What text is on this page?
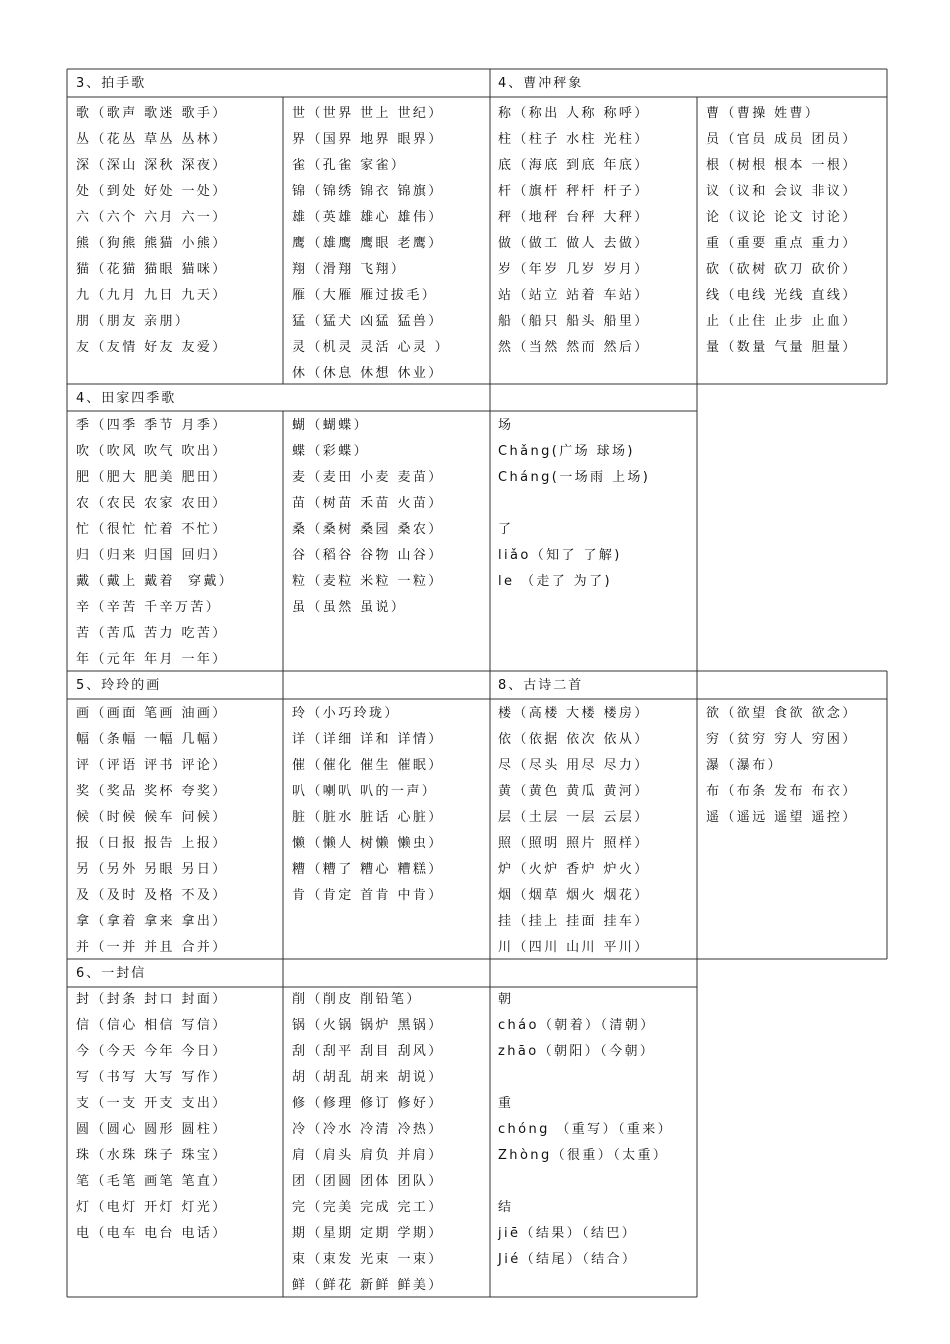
3、拍手歌	4、曹冲秤象
歌（歌声 歌迷 歌手）
丛（花丛 草丛 丛林）
深（深山 深秋 深夜）
处（到处 好处 一处）
六（六个 六月 六一）
熊（狗熊 熊猫 小熊）
猫（花猫 猫眼 猫咪）
九（九月 九日 九天）
朋（朋友 亲朋）
友（友情 好友 友爱）
世（世界 世上 世纪）
界（国界 地界 眼界）
雀（孔雀 家雀）
锦（锦绣 锦衣 锦旗）
雄（英雄 雄心 雄伟）
鹰（雄鹰 鹰眼 老鹰）
翔（滑翔 飞翔）
雁（大雁 雁过拔毛）
猛（猛犬 凶猛 猛兽）
灵（机灵 灵活 心灵 ）
休（休息 休想 休业）
称（称出 人称 称呼）
柱（柱子 水柱 光柱）
底（海底 到底 年底）
杆（旗杆 秤杆 杆子）
秤（地秤 台秤 大秤）
做（做工 做人 去做）
岁（年岁 几岁 岁月）
站（站立 站着 车站）
船（船只 船头 船里）
然（当然 然而 然后）
曹（曹操 姓曹）
员（官员 成员 团员）
根（树根 根本 一根）
议（议和 会议 非议）
论（议论 论文 讨论）
重（重要 重点 重力）
砍（砍树 砍刀 砍价）
线（电线 光线 直线）
止（止住 止步 止血）
量（数量 气量 胆量）
4、田家四季歌
季（四季 季节 月季）
吹（吹风 吹气 吹出）
肥（肥大 肥美 肥田）
农（农民 农家 农田）
忙（很忙 忙着 不忙）
归（归来 归国 回归）
戴（戴上 戴着  穿戴）
辛（辛苦 千辛万苦）
苦（苦瓜 苦力 吃苦）
年（元年 年月 一年）
蝴（蝴蝶）
蝶（彩蝶）
麦（麦田 小麦 麦苗）
苗（树苗 禾苗 火苗）
桑（桑树 桑园 桑农）
谷（稻谷 谷物 山谷）
粒（麦粒 米粒 一粒）
虽（虽然 虽说）
场
Chǎng(广场 球场)
Cháng(一场雨 上场)
了
liǎo（知了 了解)
le （走了 为了)
5、玲玲的画	8、古诗二首
画（画面 笔画 油画）
幅（条幅 一幅 几幅）
评（评语 评书 评论）
奖（奖品 奖杯 夸奖）
候（时候 候车 问候）
报（日报 报告 上报）
另（另外 另眼 另日）
及（及时 及格 不及）
拿（拿着 拿来 拿出）
并（一并 并且 合并）
玲（小巧玲珑）
详（详细 详和 详情）
催（催化 催生 催眠）
叭（喇叭 叭的一声）
脏（脏水 脏话 心脏）
懒（懒人 树懒 懒虫）
糟（糟了 糟心 糟糕）
肯（肯定 首肯 中肯）
楼（高楼 大楼 楼房）
依（依据 依次 依从）
尽（尽头 用尽 尽力）
黄（黄色 黄瓜 黄河）
层（土层 一层 云层）
照（照明 照片 照样）
炉（火炉 香炉 炉火）
烟（烟草 烟火 烟花）
挂（挂上 挂面 挂车）
川（四川 山川 平川）
欲（欲望 食欲 欲念）
穷（贫穷 穷人 穷困）
瀑（瀑布）
布（布条 发布 布衣）
遥（遥远 遥望 遥控）
6、一封信
封（封条 封口 封面）
信（信心 相信 写信）
今（今天 今年 今日）
写（书写 大写 写作）
支（一支 开支 支出）
圆（圆心 圆形 圆柱）
珠（水珠 珠子 珠宝）
笔（毛笔 画笔 笔直）
灯（电灯 开灯 灯光）
电（电车 电台 电话）
削（削皮 削铅笔）
锅（火锅 锅炉 黑锅）
刮（刮平 刮目 刮风）
胡（胡乱 胡来 胡说）
修（修理 修订 修好）
冷（冷水 冷清 冷热）
肩（肩头 肩负 并肩）
团（团圆 团体 团队）
完（完美 完成 完工）
期（星期 定期 学期）
束（束发 光束 一束）
鲜（鲜花 新鲜 鲜美）
朝
cháo（朝着）（清朝）
zhāo（朝阳）（今朝）
重
chóng （重写）（重来）
Zhòng（很重）（太重）
结
jiē（结果）（结巴）
Jié（结尾）（结合）
